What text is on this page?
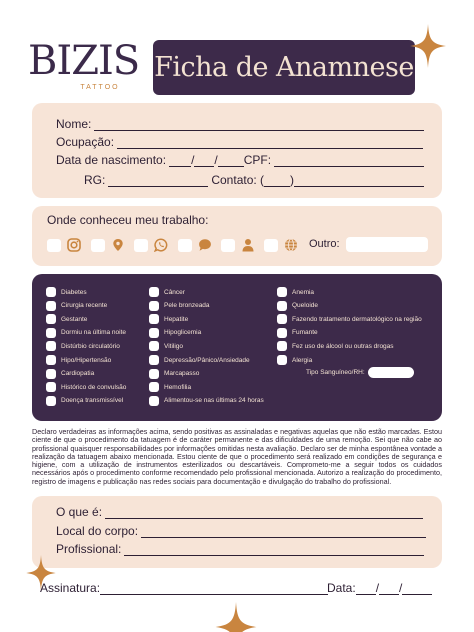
BIZIS
TATTOO
Ficha de Anamnese
Nome:
Ocupação:
Data de nascimento: / / CPF:
RG:	Contato: ( )
Onde conheceu meu trabalho:
Outro:
Diabetes
Cirurgia recente
Gestante
Dormiu na última noite
Distúrbio circulatório
Hipo/Hipertensão
Cardiopatia
Histórico de convulsão
Doença transmissível
Câncer
Pele bronzeada
Hepatite
Hipoglicemia
Vitiligo
Depressão/Pânico/Ansiedade
Marcapasso
Hemofilia
Alimentou-se nas últimas 24 horas
Anemia
Queloide
Fazendo tratamento dermatológico na região
Fumante
Fez uso de álcool ou outras drogas
Alergia
Tipo Sanguíneo/RH:
Declaro verdadeiras as informações acima, sendo positivas as assinaladas e negativas aquelas que não estão marcadas. Estou ciente de que o procedimento da tatuagem é de caráter permanente e das dificuldades de uma remoção. Sei que não cabe ao profissional quaisquer responsabilidades por informações omitidas nesta avaliação. Declaro ser de minha espontânea vontade a realização da tatuagem abaixo mencionada. Estou ciente de que o procedimento será realizado em condições de segurança e higiene, com a utilização de instrumentos esterilizados ou descartáveis. Comprometo-me a seguir todos os cuidados necessários após o procedimento conforme recomendado pelo profissional mencionada. Autorizo a realização do procedimento, registro de imagens e publicação nas redes sociais para documentação e divulgação do trabalho do profissional.
O que é:
Local do corpo:
Profissional:
Assinatura:	Data: / /
